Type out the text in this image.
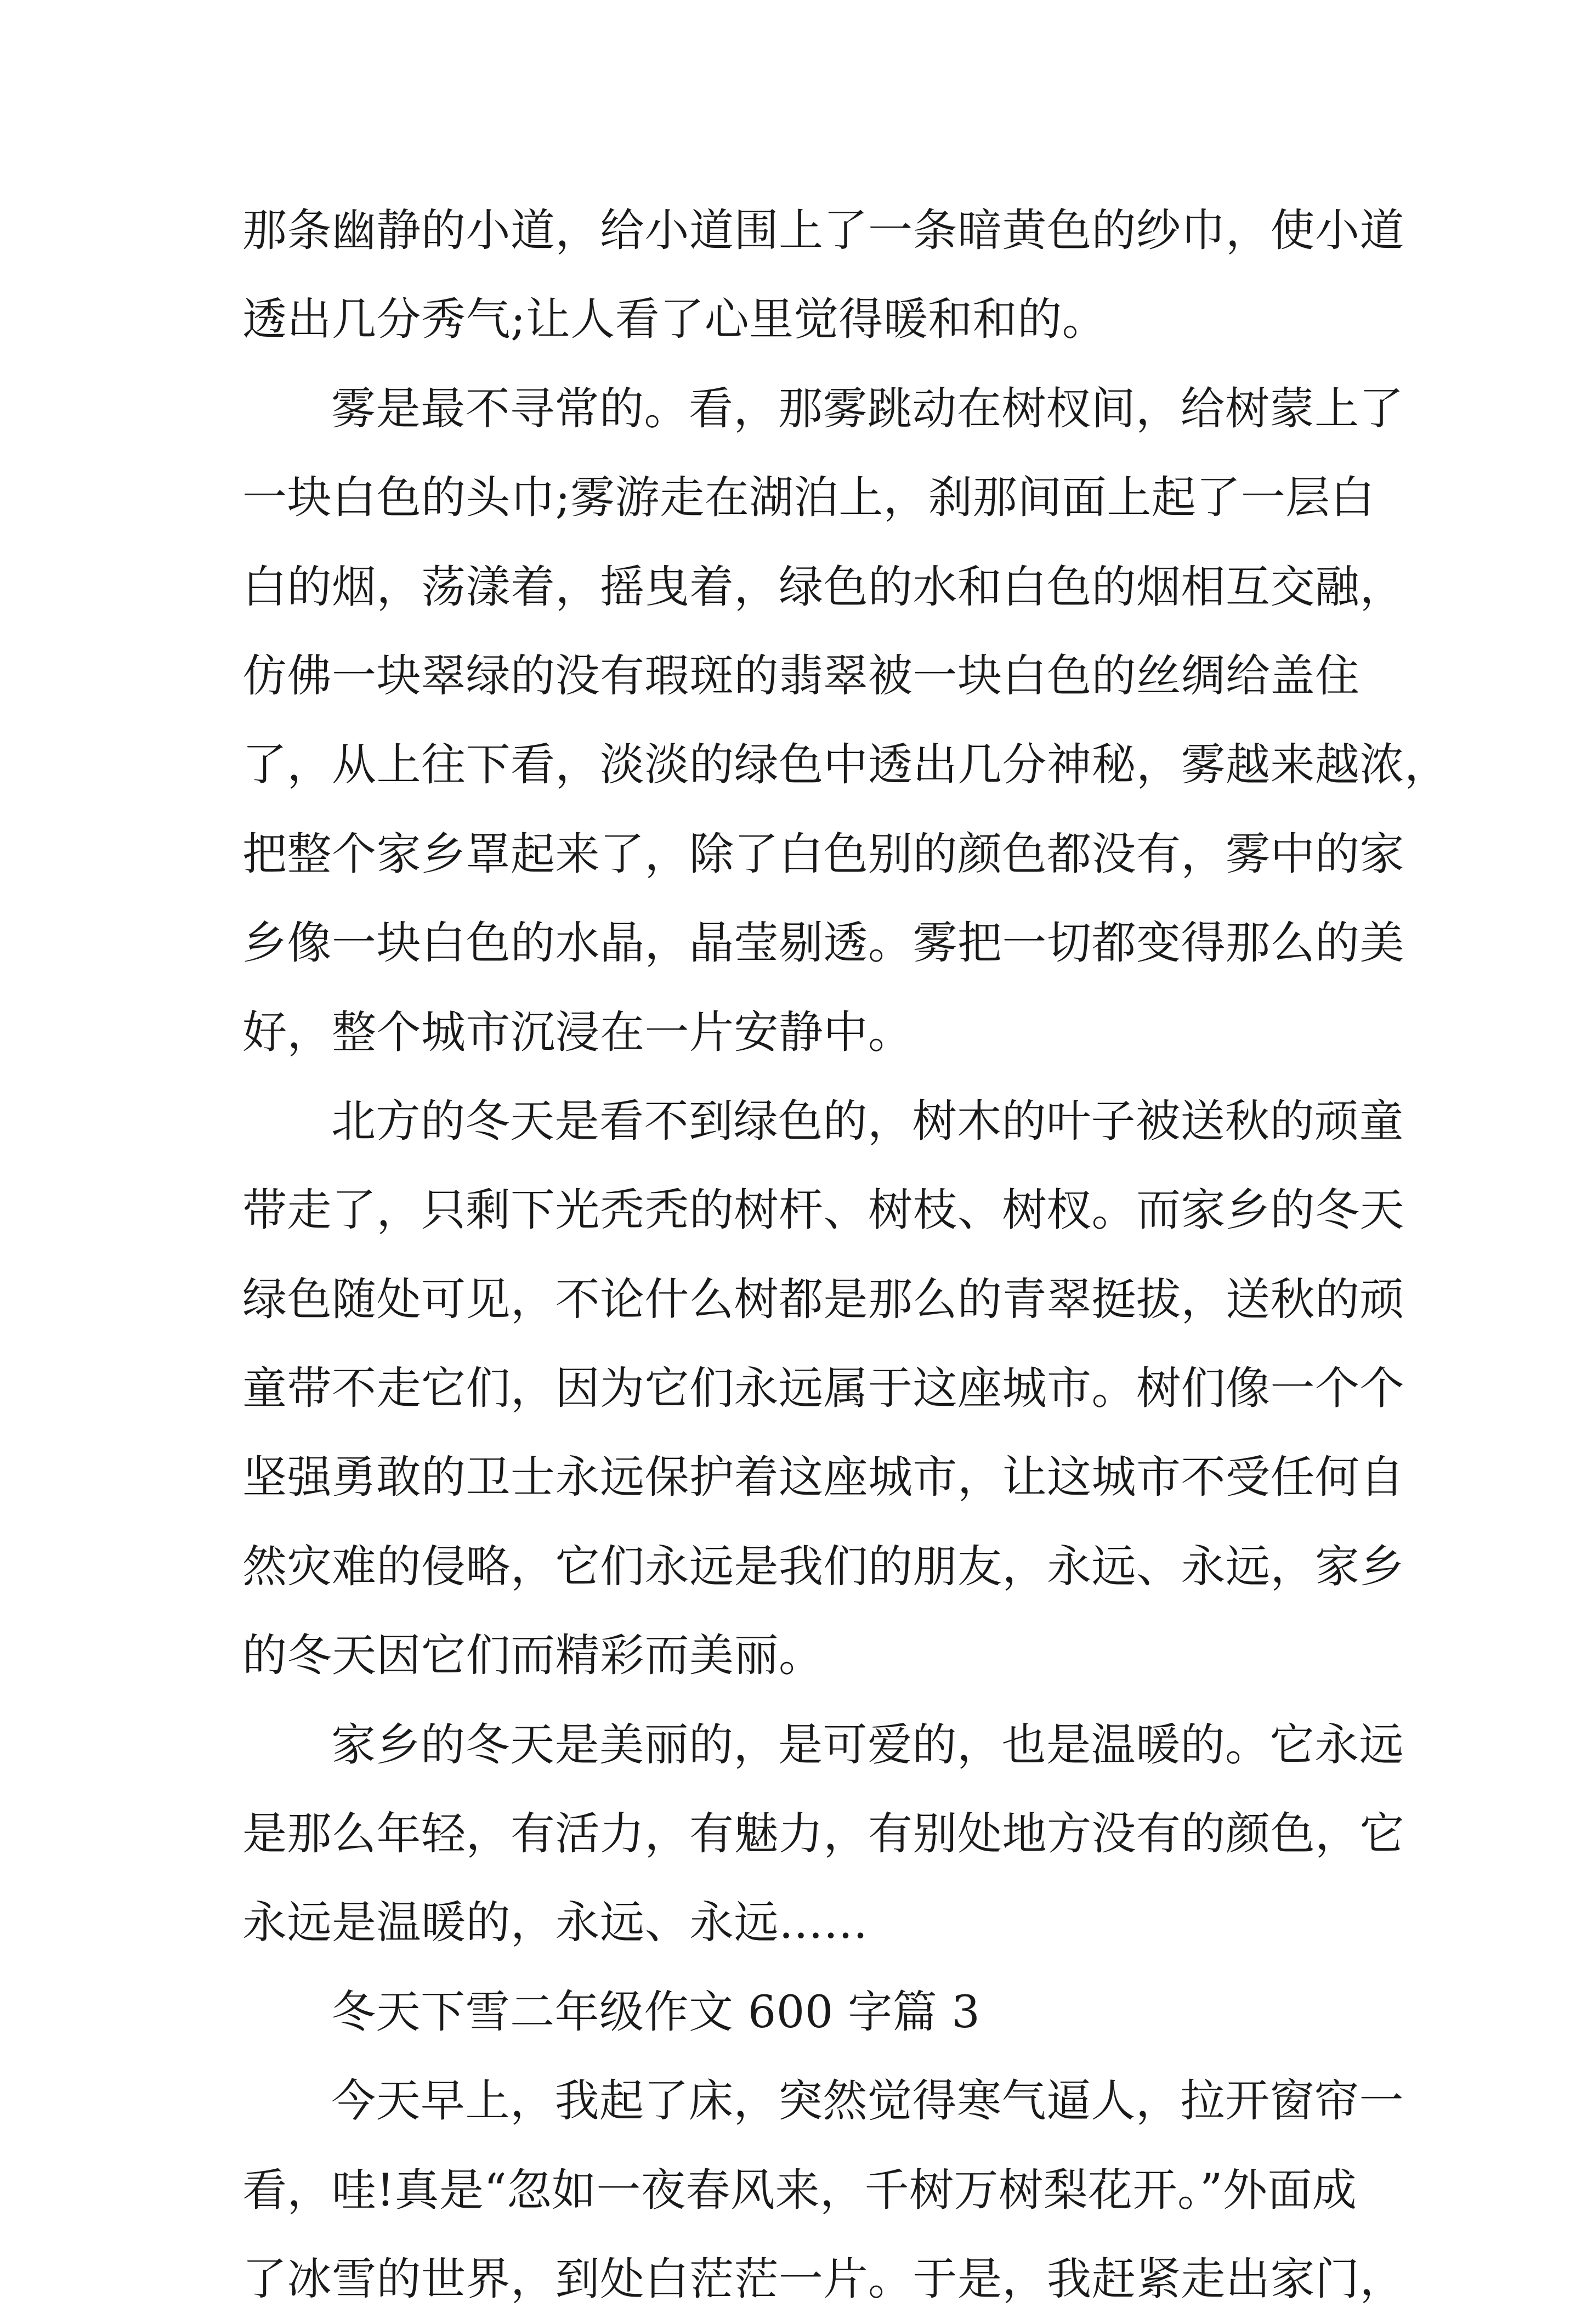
那条幽静的小道，给小道围上了一条暗黄色的纱巾，使小道
透出几分秀气;让人看了心里觉得暖和和的。
雾是最不寻常的。看，那雾跳动在树杈间，给树蒙上了
一块白色的头巾;雾游走在湖泊上，刹那间面上起了一层白
白的烟，荡漾着，摇曳着，绿色的水和白色的烟相互交融，
仿佛一块翠绿的没有瑕斑的翡翠被一块白色的丝绸给盖住
了，从上往下看，淡淡的绿色中透出几分神秘，雾越来越浓，
把整个家乡罩起来了，除了白色别的颜色都没有，雾中的家
乡像一块白色的水晶，晶莹剔透。雾把一切都变得那么的美
好，整个城市沉浸在一片安静中。
北方的冬天是看不到绿色的，树木的叶子被送秋的顽童
带走了，只剩下光秃秃的树杆、树枝、树杈。而家乡的冬天
绿色随处可见，不论什么树都是那么的青翠挺拔，送秋的顽
童带不走它们，因为它们永远属于这座城市。树们像一个个
坚强勇敢的卫士永远保护着这座城市，让这城市不受任何自
然灾难的侵略，它们永远是我们的朋友，永远、永远，家乡
的冬天因它们而精彩而美丽。
家乡的冬天是美丽的，是可爱的，也是温暖的。它永远
是那么年轻，有活力，有魅力，有别处地方没有的颜色，它
永远是温暖的，永远、永远……
冬天下雪二年级作文 600 字篇 3
今天早上，我起了床，突然觉得寒气逼人，拉开窗帘一
看，哇!真是“忽如一夜春风来，千树万树梨花开。”外面成
了冰雪的世界，到处白茫茫一片。于是，我赶紧走出家门，
